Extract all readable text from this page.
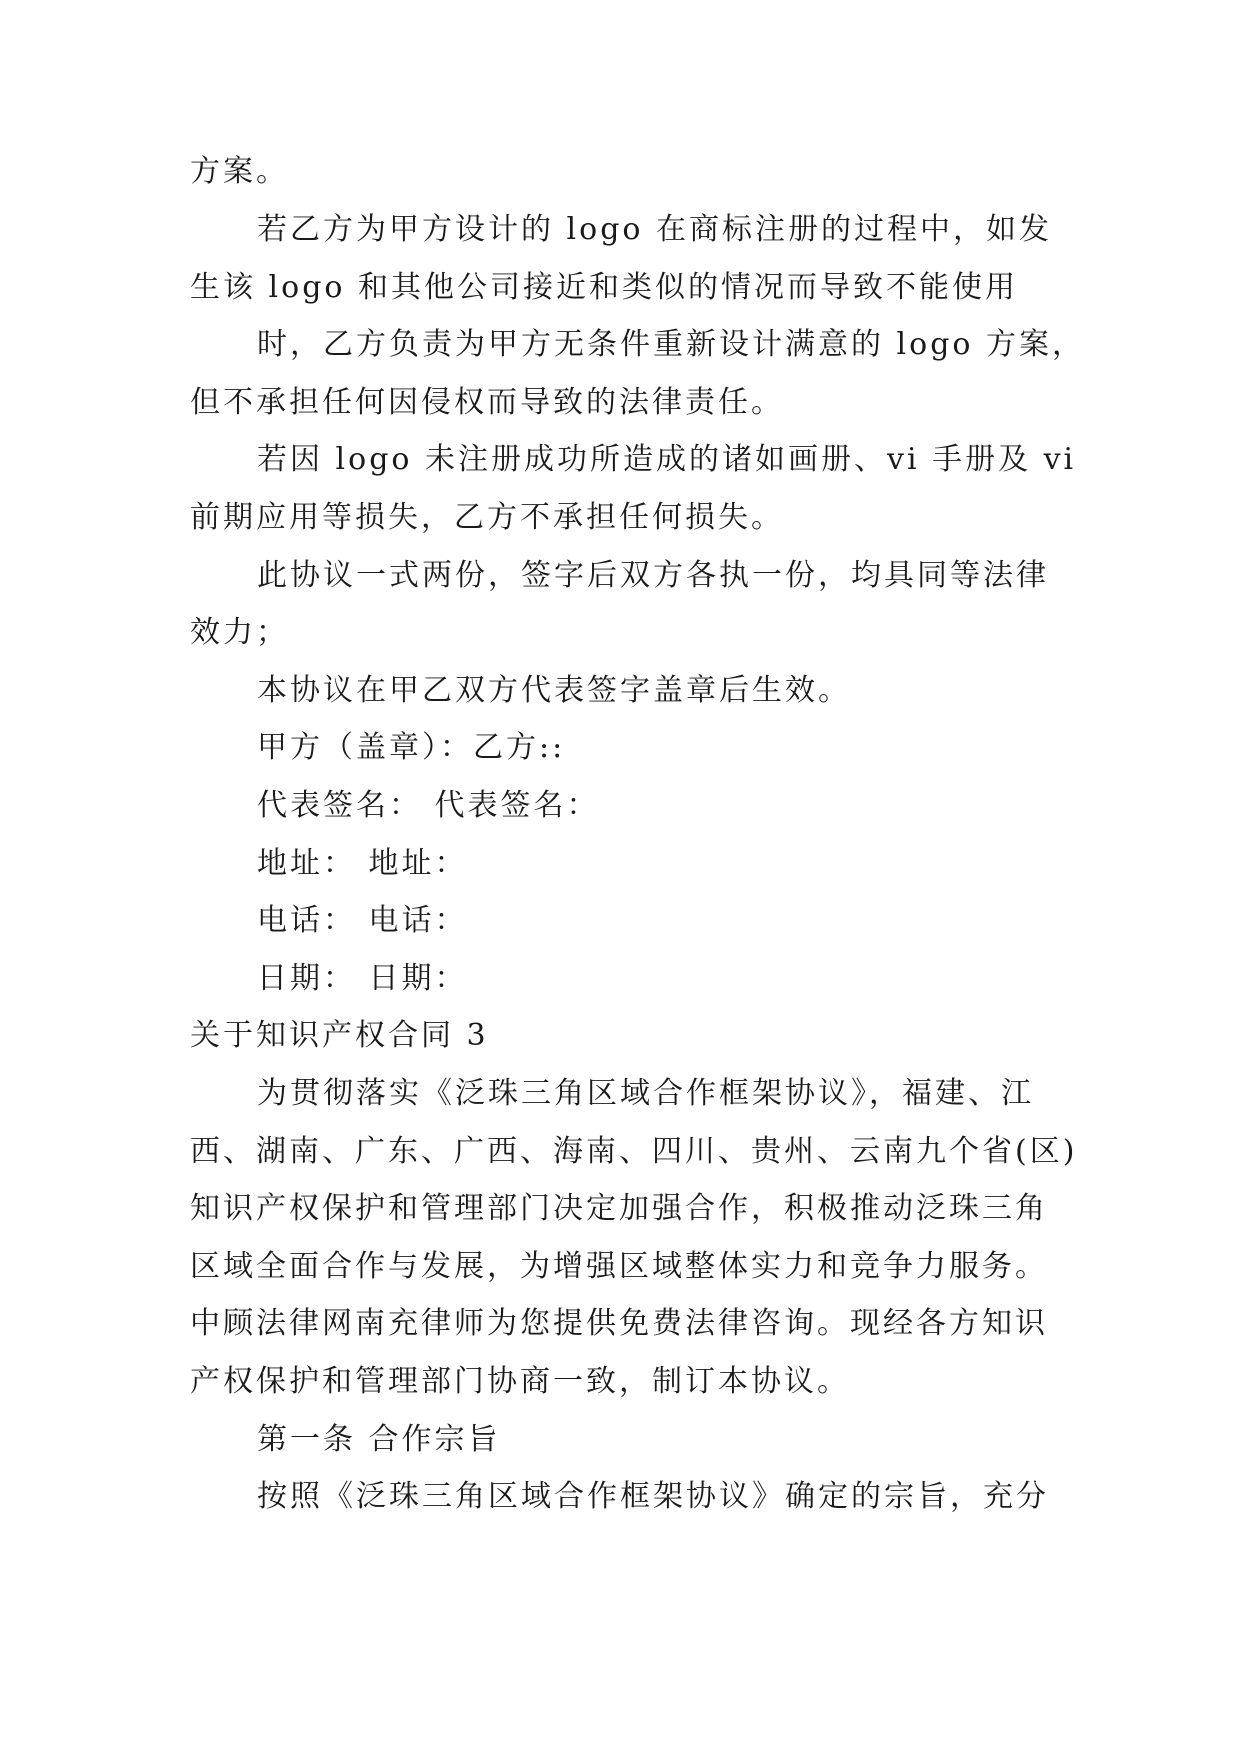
方案。
若乙方为甲方设计的 logo 在商标注册的过程中，如发
生该 logo 和其他公司接近和类似的情况而导致不能使用
时，乙方负责为甲方无条件重新设计满意的 logo 方案，
但不承担任何因侵权而导致的法律责任。
若因 logo 未注册成功所造成的诸如画册、vi 手册及 vi
前期应用等损失，乙方不承担任何损失。
此协议一式两份，签字后双方各执一份，均具同等法律
效力；
本协议在甲乙双方代表签字盖章后生效。
甲方（盖章）：乙方::
代表签名： 代表签名：
地址： 地址：
电话： 电话：
日期： 日期：
关于知识产权合同 3
为贯彻落实《泛珠三角区域合作框架协议》，福建、江
西、湖南、广东、广西、海南、四川、贵州、云南九个省(区)
知识产权保护和管理部门决定加强合作，积极推动泛珠三角
区域全面合作与发展，为增强区域整体实力和竞争力服务。
中顾法律网南充律师为您提供免费法律咨询。现经各方知识
产权保护和管理部门协商一致，制订本协议。
第一条 合作宗旨
按照《泛珠三角区域合作框架协议》确定的宗旨，充分
